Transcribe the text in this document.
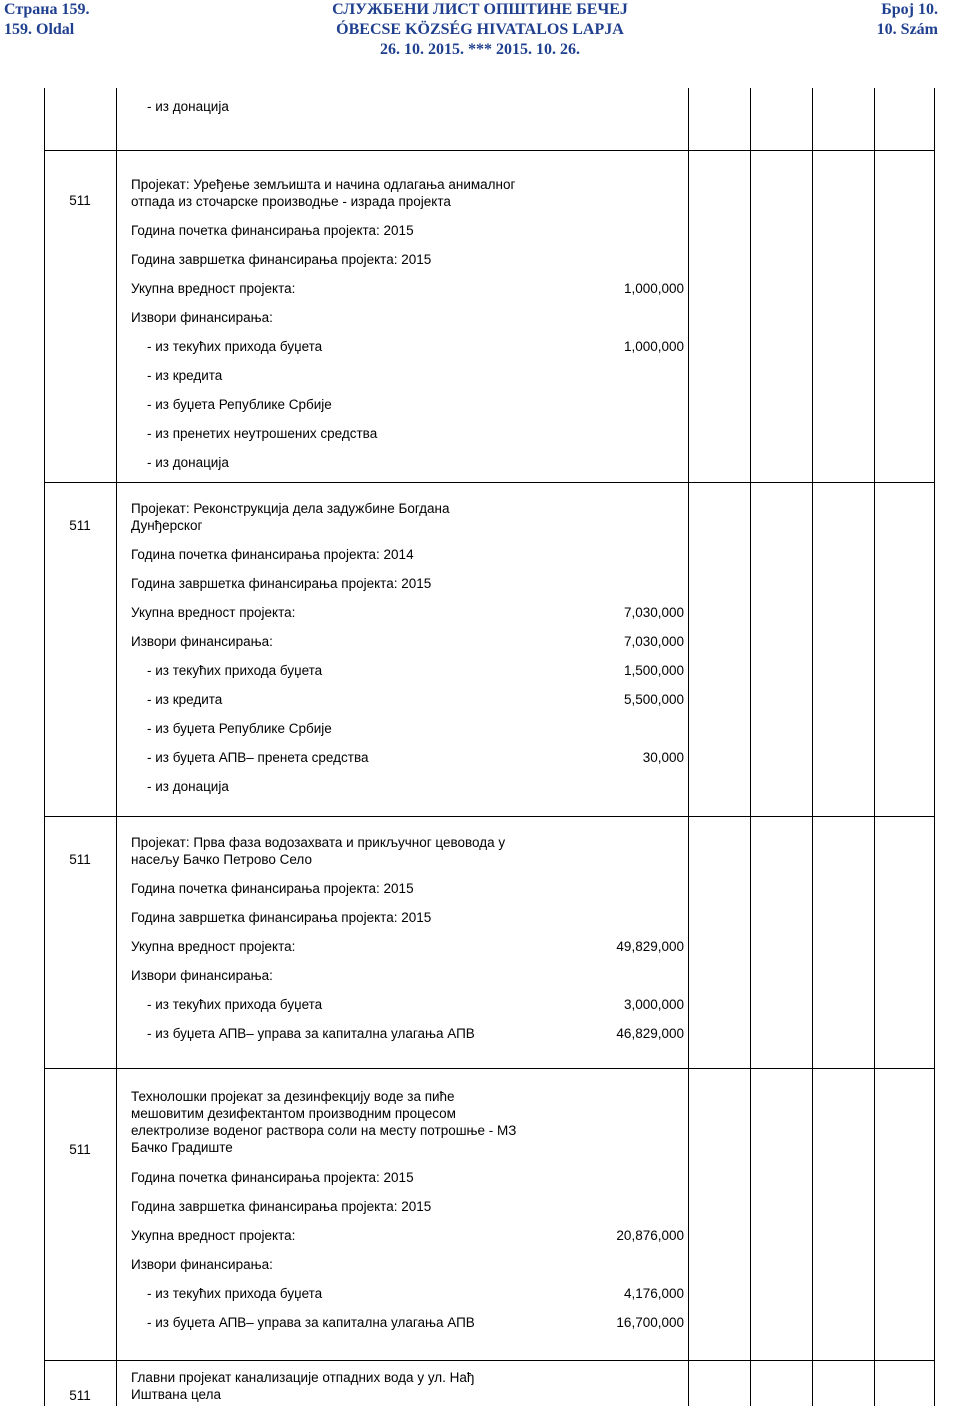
Страна 159.
159. Oldal
СЛУЖБЕНИ ЛИСТ ОПШТИНЕ БЕЧЕЈ
ÓBECSE KÖZSÉG HIVATALOS LAPJA
26. 10. 2015. *** 2015. 10. 26.
Број 10.
10. Szám
- из донација
511
Пројекат: Уређење земљишта и начина одлагања анималног
отпада из сточарске производње - израда пројекта
Година почетка финансирања пројекта: 2015
Година завршетка финансирања пројекта: 2015
Укупна вредност пројекта:	1,000,000
Извори финансирања:
- из текућих прихода буџета	1,000,000
- из кредита
- из буџета Републике Србије
- из пренетих неутрошених средства
- из донација
511
Пројекат: Реконструкција дела задужбине Богдана
Дунђерског
Година почетка финансирања пројекта: 2014
Година завршетка финансирања пројекта: 2015
Укупна вредност пројекта:	7,030,000
Извори финансирања:	7,030,000
- из текућих прихода буџета	1,500,000
- из кредита	5,500,000
- из буџета Републике Србије
- из буџета АПВ– пренета средства	30,000
- из донација
511
Пројекат: Прва фаза водозахвата и прикључног цевовода у
насељу Бачко Петрово Село
Година почетка финансирања пројекта: 2015
Година завршетка финансирања пројекта: 2015
Укупна вредност пројекта:	49,829,000
Извори финансирања:
- из текућих прихода буџета	3,000,000
- из буџета АПВ– управа за капитална улагања АПВ	46,829,000
511
Технолошки пројекат за дезинфекцију воде за пиће
мешовитим дезифектантом производним процесом
електролизе воденог раствора соли на месту потрошње - МЗ
Бачко Градиште
Година почетка финансирања пројекта: 2015
Година завршетка финансирања пројекта: 2015
Укупна вредност пројекта:	20,876,000
Извори финансирања:
- из текућих прихода буџета	4,176,000
- из буџета АПВ– управа за капитална улагања АПВ	16,700,000
511
Главни пројекат канализације отпадних вода у ул. Нађ
Иштвана цела
